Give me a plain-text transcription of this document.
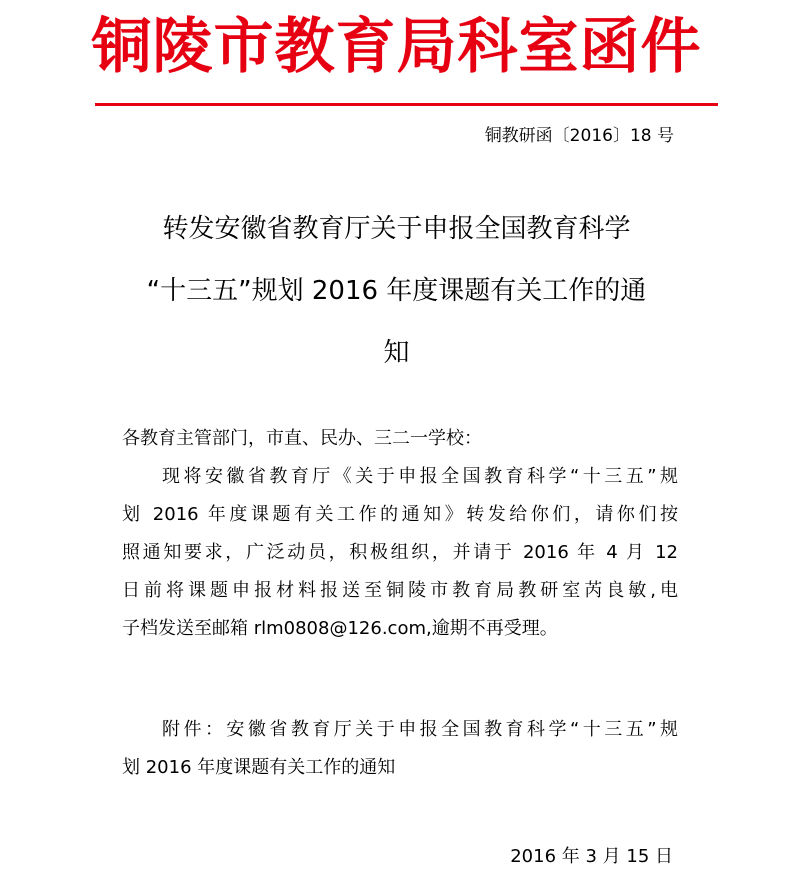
铜陵市教育局科室函件
铜教研函〔2016〕18 号
转发安徽省教育厅关于申报全国教育科学
“十三五”规划 2016 年度课题有关工作的通
知
各教育主管部门，市直、民办、三二一学校：
现将安徽省教育厅《关于申报全国教育科学“十三五”规
划 2016 年度课题有关工作的通知》转发给你们，请你们按
照通知要求，广泛动员，积极组织，并请于 2016 年 4 月 12
日前将课题申报材料报送至铜陵市教育局教研室芮良敏,电
子档发送至邮箱 rlm0808@126.com,逾期不再受理。
附件：安徽省教育厅关于申报全国教育科学“十三五”规
划 2016 年度课题有关工作的通知
2016 年 3 月 15 日
